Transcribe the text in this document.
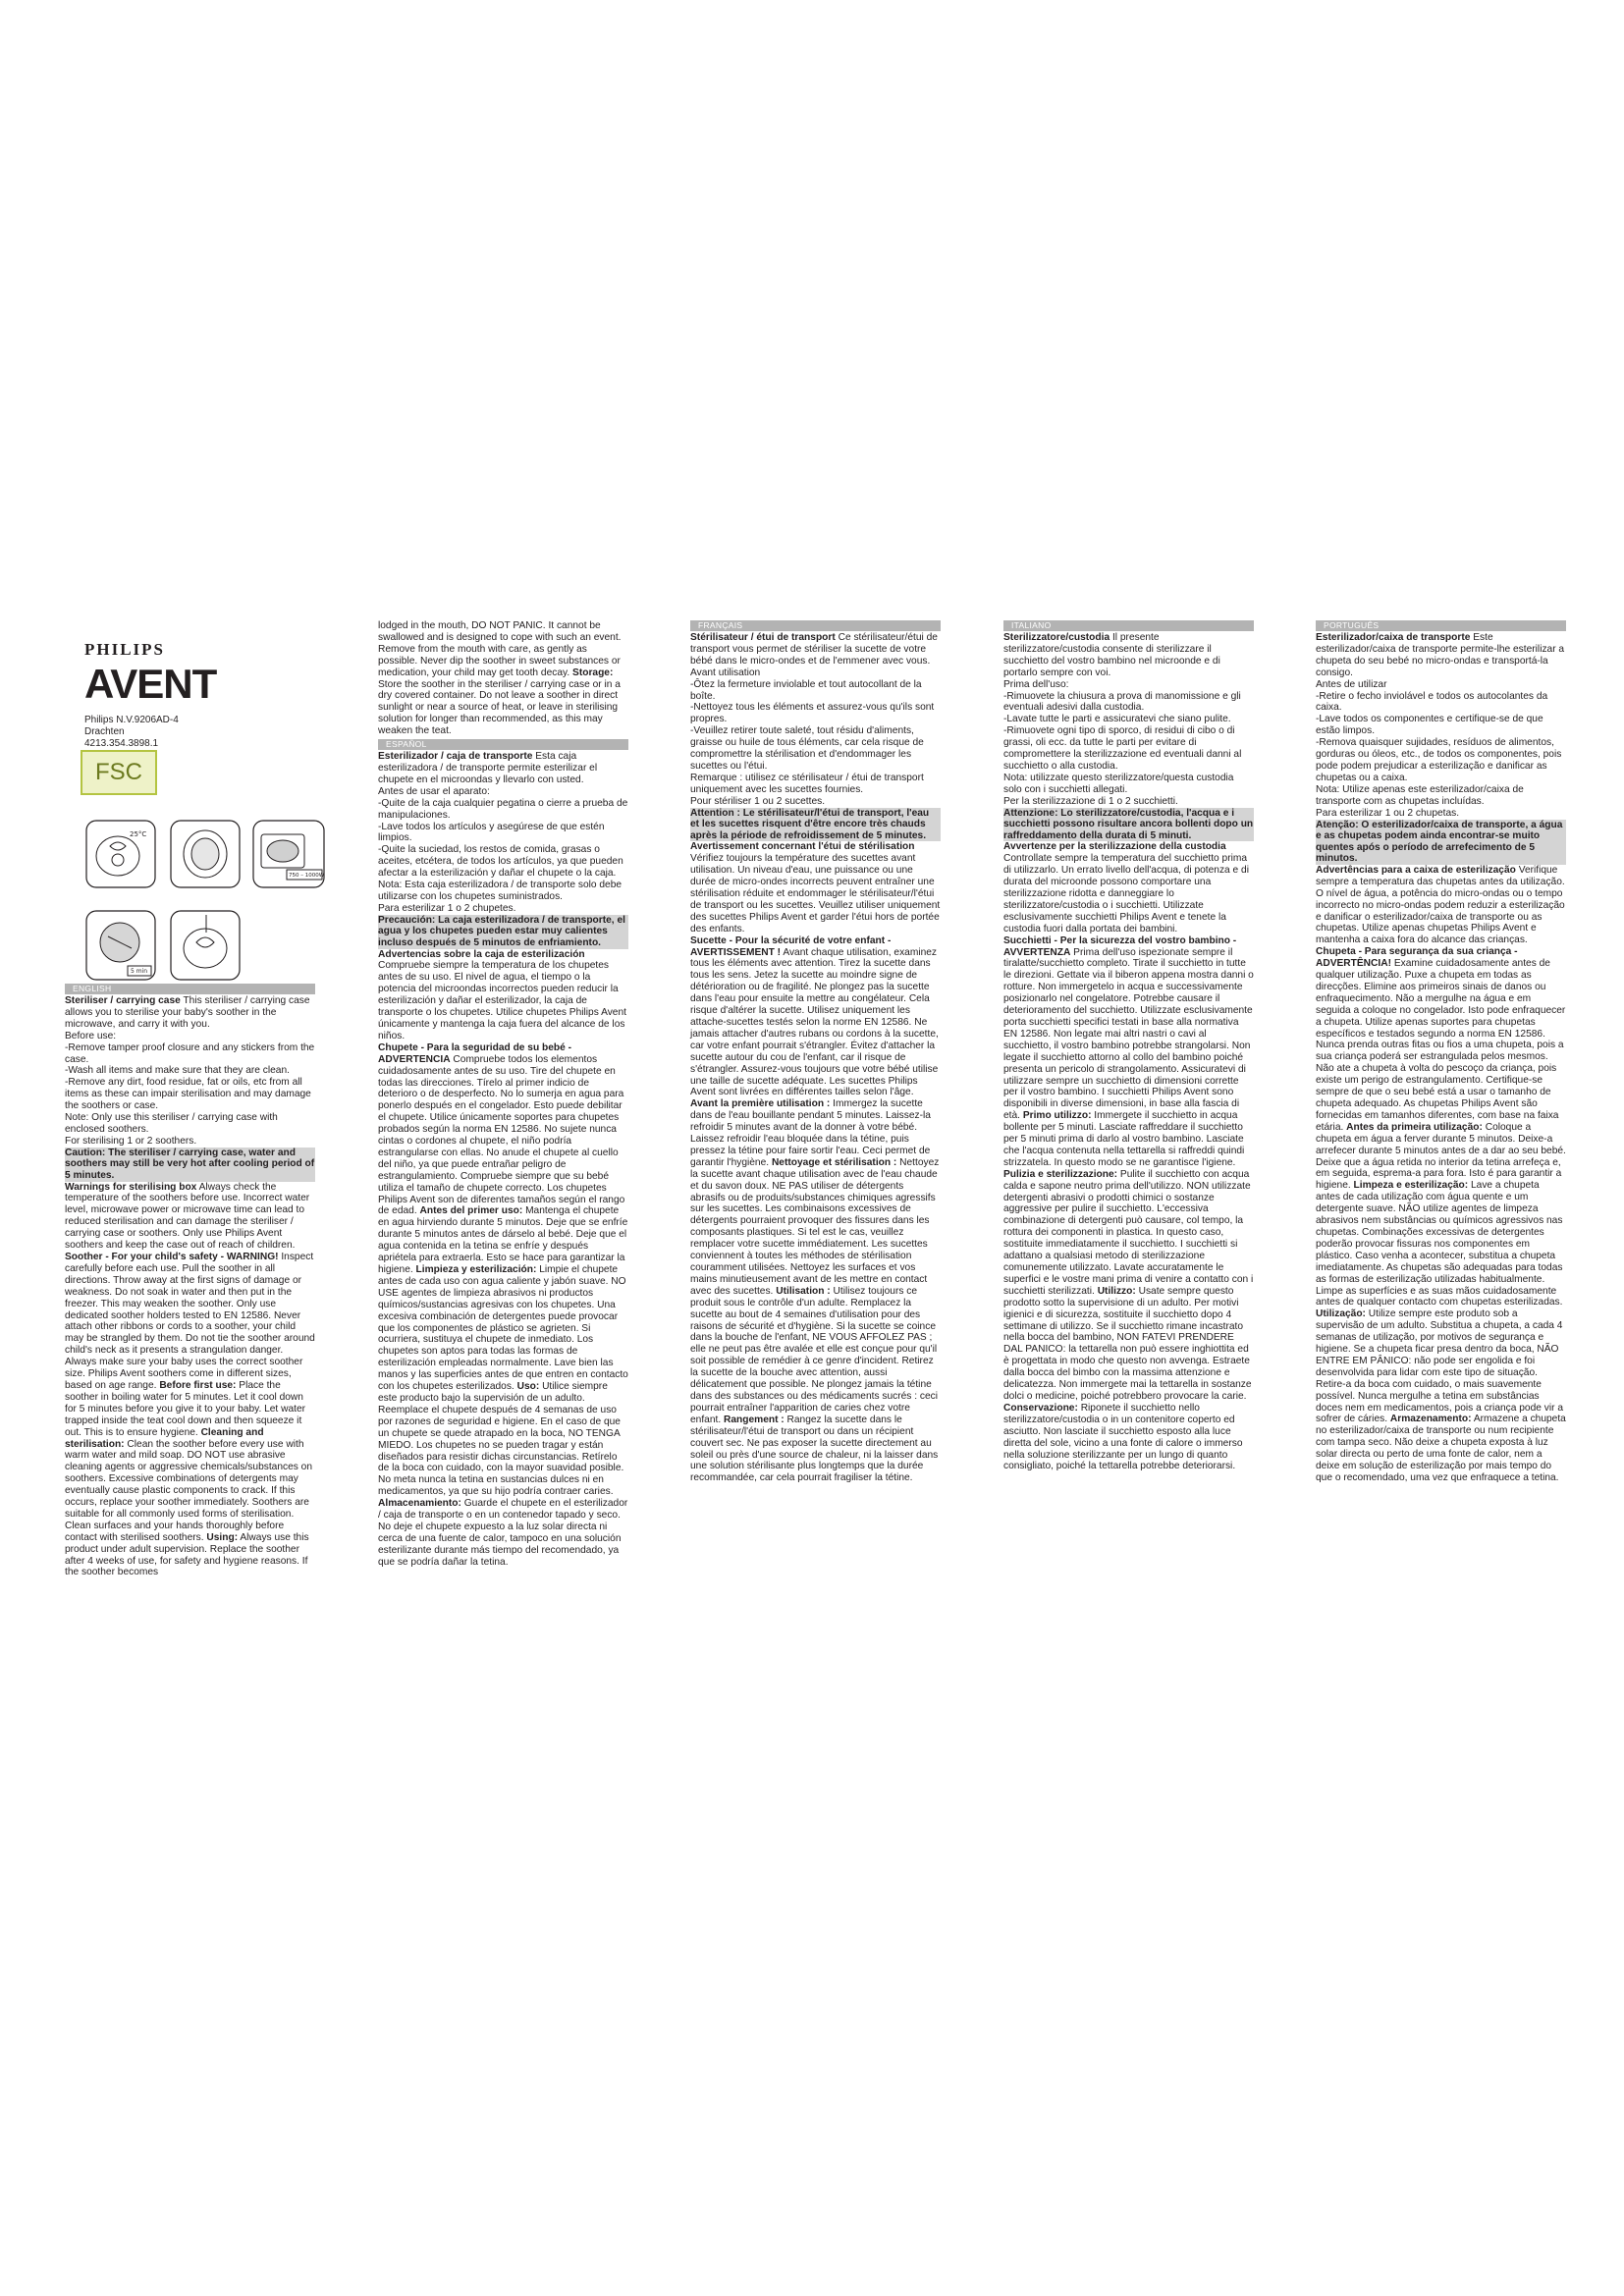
PHILIPS
AVENT
Philips N.V.9206AD-4 Drachten
4213.354.3898.1
FSC
25°C
750 – 1000W
5 min
ENGLISH

Steriliser / carrying case This steriliser / carrying case allows you to sterilise your baby's soother in the microwave, and carry it with you.

Before use:

-Remove tamper proof closure and any stickers from the case.

-Wash all items and make sure that they are clean.

-Remove any dirt, food residue, fat or oils, etc from all items as these can impair sterilisation and may damage the soothers or case.

Note: Only use this steriliser / carrying case with enclosed soothers.

For sterilising 1 or 2 soothers.

Caution: The steriliser / carrying case, water and soothers may still be very hot after cooling period of 5 minutes.

Warnings for sterilising box Always check the temperature of the soothers before use. Incorrect water level, microwave power or microwave time can lead to reduced sterilisation and can damage the steriliser / carrying case or soothers. Only use Philips Avent soothers and keep the case out of reach of children.

Soother - For your child's safety - WARNING! Inspect carefully before each use. Pull the soother in all directions. Throw away at the first signs of damage or weakness. Do not soak in water and then put in the freezer. This may weaken the soother. Only use dedicated soother holders tested to EN 12586. Never attach other ribbons or cords to a soother, your child may be strangled by them. Do not tie the soother around child's neck as it presents a strangulation danger. Always make sure your baby uses the correct soother size. Philips Avent soothers come in different sizes, based on age range. Before first use: Place the soother in boiling water for 5 minutes. Let it cool down for 5 minutes before you give it to your baby. Let water trapped inside the teat cool down and then squeeze it out. This is to ensure hygiene. Cleaning and sterilisation: Clean the soother before every use with warm water and mild soap. DO NOT use abrasive cleaning agents or aggressive chemicals/substances on soothers. Excessive combinations of detergents may eventually cause plastic components to crack. If this occurs, replace your soother immediately. Soothers are suitable for all commonly used forms of sterilisation. Clean surfaces and your hands thoroughly before contact with sterilised soothers. Using: Always use this product under adult supervision. Replace the soother after 4 weeks of use, for safety and hygiene reasons. If the soother becomes

lodged in the mouth, DO NOT PANIC. It cannot be swallowed and is designed to cope with such an event. Remove from the mouth with care, as gently as possible. Never dip the soother in sweet substances or medication, your child may get tooth decay. Storage: Store the soother in the steriliser / carrying case or in a dry covered container. Do not leave a soother in direct sunlight or near a source of heat, or leave in sterilising solution for longer than recommended, as this may weaken the teat.

ESPAÑOL

Esterilizador / caja de transporte Esta caja esterilizadora / de transporte permite esterilizar el chupete en el microondas y llevarlo con usted.

Antes de usar el aparato:

-Quite de la caja cualquier pegatina o cierre a prueba de manipulaciones.

-Lave todos los artículos y asegúrese de que estén limpios.

-Quite la suciedad, los restos de comida, grasas o aceites, etcétera, de todos los artículos, ya que pueden afectar a la esterilización y dañar el chupete o la caja.

Nota: Esta caja esterilizadora / de transporte solo debe utilizarse con los chupetes suministrados.

Para esterilizar 1 o 2 chupetes.

Precaución: La caja esterilizadora / de transporte, el agua y los chupetes pueden estar muy calientes incluso después de 5 minutos de enfriamiento.

Advertencias sobre la caja de esterilización Compruebe siempre la temperatura de los chupetes antes de su uso. El nivel de agua, el tiempo o la potencia del microondas incorrectos pueden reducir la esterilización y dañar el esterilizador, la caja de transporte o los chupetes. Utilice chupetes Philips Avent únicamente y mantenga la caja fuera del alcance de los niños.

Chupete - Para la seguridad de su bebé - ADVERTENCIA Compruebe todos los elementos cuidadosamente antes de su uso. Tire del chupete en todas las direcciones. Tírelo al primer indicio de deterioro o de desperfecto. No lo sumerja en agua para ponerlo después en el congelador. Esto puede debilitar el chupete. Utilice únicamente soportes para chupetes probados según la norma EN 12586. No sujete nunca cintas o cordones al chupete, el niño podría estrangularse con ellas. No anude el chupete al cuello del niño, ya que puede entrañar peligro de estrangulamiento. Compruebe siempre que su bebé utiliza el tamaño de chupete correcto. Los chupetes Philips Avent son de diferentes tamaños según el rango de edad. Antes del primer uso: Mantenga el chupete en agua hirviendo durante 5 minutos. Deje que se enfríe durante 5 minutos antes de dárselo al bebé. Deje que el agua contenida en la tetina se enfríe y después apriétela para extraerla. Esto se hace para garantizar la higiene. Limpieza y esterilización: Limpie el chupete antes de cada uso con agua caliente y jabón suave. NO USE agentes de limpieza abrasivos ni productos químicos/sustancias agresivas con los chupetes. Una excesiva combinación de detergentes puede provocar que los componentes de plástico se agrieten. Si ocurriera, sustituya el chupete de inmediato. Los chupetes son aptos para todas las formas de esterilización empleadas normalmente. Lave bien las manos y las superficies antes de que entren en contacto con los chupetes esterilizados. Uso: Utilice siempre este producto bajo la supervisión de un adulto. Reemplace el chupete después de 4 semanas de uso por razones de seguridad e higiene. En el caso de que un chupete se quede atrapado en la boca, NO TENGA MIEDO. Los chupetes no se pueden tragar y están diseñados para resistir dichas circunstancias. Retírelo de la boca con cuidado, con la mayor suavidad posible. No meta nunca la tetina en sustancias dulces ni en medicamentos, ya que su hijo podría contraer caries. Almacenamiento: Guarde el chupete en el esterilizador / caja de transporte o en un contenedor tapado y seco. No deje el chupete expuesto a la luz solar directa ni cerca de una fuente de calor, tampoco en una solución esterilizante durante más tiempo del recomendado, ya que se podría dañar la tetina.

FRANÇAIS

Stérilisateur / étui de transport Ce stérilisateur/étui de transport vous permet de stériliser la sucette de votre bébé dans le micro-ondes et de l'emmener avec vous.

Avant utilisation

-Ôtez la fermeture inviolable et tout autocollant de la boîte.

-Nettoyez tous les éléments et assurez-vous qu'ils sont propres.

-Veuillez retirer toute saleté, tout résidu d'aliments, graisse ou huile de tous éléments, car cela risque de compromettre la stérilisation et d'endommager les sucettes ou l'étui.

Remarque : utilisez ce stérilisateur / étui de transport uniquement avec les sucettes fournies.

Pour stériliser 1 ou 2 sucettes.

Attention : Le stérilisateur/l'étui de transport, l'eau et les sucettes risquent d'être encore très chauds après la période de refroidissement de 5 minutes.

Avertissement concernant l'étui de stérilisation Vérifiez toujours la température des sucettes avant utilisation. Un niveau d'eau, une puissance ou une durée de micro-ondes incorrects peuvent entraîner une stérilisation réduite et endommager le stérilisateur/l'étui de transport ou les sucettes. Veuillez utiliser uniquement des sucettes Philips Avent et garder l'étui hors de portée des enfants.

Sucette - Pour la sécurité de votre enfant - AVERTISSEMENT ! Avant chaque utilisation, examinez tous les éléments avec attention. Tirez la sucette dans tous les sens. Jetez la sucette au moindre signe de détérioration ou de fragilité. Ne plongez pas la sucette dans l'eau pour ensuite la mettre au congélateur. Cela risque d'altérer la sucette. Utilisez uniquement les attache-sucettes testés selon la norme EN 12586. Ne jamais attacher d'autres rubans ou cordons à la sucette, car votre enfant pourrait s'étrangler. Évitez d'attacher la sucette autour du cou de l'enfant, car il risque de s'étrangler. Assurez-vous toujours que votre bébé utilise une taille de sucette adéquate. Les sucettes Philips Avent sont livrées en différentes tailles selon l'âge. Avant la première utilisation : Immergez la sucette dans de l'eau bouillante pendant 5 minutes. Laissez-la refroidir 5 minutes avant de la donner à votre bébé. Laissez refroidir l'eau bloquée dans la tétine, puis pressez la tétine pour faire sortir l'eau. Ceci permet de garantir l'hygiène. Nettoyage et stérilisation : Nettoyez la sucette avant chaque utilisation avec de l'eau chaude et du savon doux. NE PAS utiliser de détergents abrasifs ou de produits/substances chimiques agressifs sur les sucettes. Les combinaisons excessives de détergents pourraient provoquer des fissures dans les composants plastiques. Si tel est le cas, veuillez remplacer votre sucette immédiatement. Les sucettes conviennent à toutes les méthodes de stérilisation couramment utilisées. Nettoyez les surfaces et vos mains minutieusement avant de les mettre en contact avec des sucettes. Utilisation : Utilisez toujours ce produit sous le contrôle d'un adulte. Remplacez la sucette au bout de 4 semaines d'utilisation pour des raisons de sécurité et d'hygiène. Si la sucette se coince dans la bouche de l'enfant, NE VOUS AFFOLEZ PAS ; elle ne peut pas être avalée et elle est conçue pour qu'il soit possible de remédier à ce genre d'incident. Retirez la sucette de la bouche avec attention, aussi délicatement que possible. Ne plongez jamais la tétine dans des substances ou des médicaments sucrés : ceci pourrait entraîner l'apparition de caries chez votre enfant. Rangement : Rangez la sucette dans le stérilisateur/l'étui de transport ou dans un récipient couvert sec. Ne pas exposer la sucette directement au soleil ou près d'une source de chaleur, ni la laisser dans une solution stérilisante plus longtemps que la durée recommandée, car cela pourrait fragiliser la tétine.

ITALIANO

Sterilizzatore/custodia Il presente sterilizzatore/custodia consente di sterilizzare il succhietto del vostro bambino nel microonde e di portarlo sempre con voi.

Prima dell'uso:

-Rimuovete la chiusura a prova di manomissione e gli eventuali adesivi dalla custodia.

-Lavate tutte le parti e assicuratevi che siano pulite.

-Rimuovete ogni tipo di sporco, di residui di cibo o di grassi, oli ecc. da tutte le parti per evitare di compromettere la sterilizzazione ed eventuali danni al succhietto o alla custodia.

Nota: utilizzate questo sterilizzatore/questa custodia solo con i succhietti allegati.

Per la sterilizzazione di 1 o 2 succhietti.

Attenzione: Lo sterilizzatore/custodia, l'acqua e i succhietti possono risultare ancora bollenti dopo un raffreddamento della durata di 5 minuti.

Avvertenze per la sterilizzazione della custodia Controllate sempre la temperatura del succhietto prima di utilizzarlo. Un errato livello dell'acqua, di potenza e di durata del microonde possono comportare una sterilizzazione ridotta e danneggiare lo sterilizzatore/custodia o i succhietti. Utilizzate esclusivamente succhietti Philips Avent e tenete la custodia fuori dalla portata dei bambini.

Succhietti - Per la sicurezza del vostro bambino - AVVERTENZA Prima dell'uso ispezionate sempre il tiralatte/succhietto completo. Tirate il succhietto in tutte le direzioni. Gettate via il biberon appena mostra danni o rotture. Non immergetelo in acqua e successivamente posizionarlo nel congelatore. Potrebbe causare il deterioramento del succhietto. Utilizzate esclusivamente porta succhietti specifici testati in base alla normativa EN 12586. Non legate mai altri nastri o cavi al succhietto, il vostro bambino potrebbe strangolarsi. Non legate il succhietto attorno al collo del bambino poiché presenta un pericolo di strangolamento. Assicuratevi di utilizzare sempre un succhietto di dimensioni corrette per il vostro bambino. I succhietti Philips Avent sono disponibili in diverse dimensioni, in base alla fascia di età. Primo utilizzo: Immergete il succhietto in acqua bollente per 5 minuti. Lasciate raffreddare il succhietto per 5 minuti prima di darlo al vostro bambino. Lasciate che l'acqua contenuta nella tettarella si raffreddi quindi strizzatela. In questo modo se ne garantisce l'igiene. Pulizia e sterilizzazione: Pulite il succhietto con acqua calda e sapone neutro prima dell'utilizzo. NON utilizzate detergenti abrasivi o prodotti chimici o sostanze aggressive per pulire il succhietto. L'eccessiva combinazione di detergenti può causare, col tempo, la rottura dei componenti in plastica. In questo caso, sostituite immediatamente il succhietto. I succhietti si adattano a qualsiasi metodo di sterilizzazione comunemente utilizzato. Lavate accuratamente le superfici e le vostre mani prima di venire a contatto con i succhietti sterilizzati. Utilizzo: Usate sempre questo prodotto sotto la supervisione di un adulto. Per motivi igienici e di sicurezza, sostituite il succhietto dopo 4 settimane di utilizzo. Se il succhietto rimane incastrato nella bocca del bambino, NON FATEVI PRENDERE DAL PANICO: la tettarella non può essere inghiottita ed è progettata in modo che questo non avvenga. Estraete dalla bocca del bimbo con la massima attenzione e delicatezza. Non immergete mai la tettarella in sostanze dolci o medicine, poiché potrebbero provocare la carie. Conservazione: Riponete il succhietto nello sterilizzatore/custodia o in un contenitore coperto ed asciutto. Non lasciate il succhietto esposto alla luce diretta del sole, vicino a una fonte di calore o immerso nella soluzione sterilizzante per un lungo di quanto consigliato, poiché la tettarella potrebbe deteriorarsi.

PORTUGUÊS

Esterilizador/caixa de transporte Este esterilizador/caixa de transporte permite-lhe esterilizar a chupeta do seu bebé no micro-ondas e transportá-la consigo.

Antes de utilizar

-Retire o fecho inviolável e todos os autocolantes da caixa.

-Lave todos os componentes e certifique-se de que estão limpos.

-Remova quaisquer sujidades, resíduos de alimentos, gorduras ou óleos, etc., de todos os componentes, pois pode podem prejudicar a esterilização e danificar as chupetas ou a caixa.

Nota: Utilize apenas este esterilizador/caixa de transporte com as chupetas incluídas.

Para esterilizar 1 ou 2 chupetas.

Atenção: O esterilizador/caixa de transporte, a água e as chupetas podem ainda encontrar-se muito quentes após o período de arrefecimento de 5 minutos.

Advertências para a caixa de esterilização Verifique sempre a temperatura das chupetas antes da utilização. O nível de água, a potência do micro-ondas ou o tempo incorrecto no micro-ondas podem reduzir a esterilização e danificar o esterilizador/caixa de transporte ou as chupetas. Utilize apenas chupetas Philips Avent e mantenha a caixa fora do alcance das crianças.

Chupeta - Para segurança da sua criança - ADVERTÊNCIA! Examine cuidadosamente antes de qualquer utilização. Puxe a chupeta em todas as direcções. Elimine aos primeiros sinais de danos ou enfraquecimento. Não a mergulhe na água e em seguida a coloque no congelador. Isto pode enfraquecer a chupeta. Utilize apenas suportes para chupetas específicos e testados segundo a norma EN 12586. Nunca prenda outras fitas ou fios a uma chupeta, pois a sua criança poderá ser estrangulada pelos mesmos. Não ate a chupeta à volta do pescoço da criança, pois existe um perigo de estrangulamento. Certifique-se sempre de que o seu bebé está a usar o tamanho de chupeta adequado. As chupetas Philips Avent são fornecidas em tamanhos diferentes, com base na faixa etária. Antes da primeira utilização: Coloque a chupeta em água a ferver durante 5 minutos. Deixe-a arrefecer durante 5 minutos antes de a dar ao seu bebé. Deixe que a água retida no interior da tetina arrefeça e, em seguida, esprema-a para fora. Isto é para garantir a higiene. Limpeza e esterilização: Lave a chupeta antes de cada utilização com água quente e um detergente suave. NÃO utilize agentes de limpeza abrasivos nem substâncias ou químicos agressivos nas chupetas. Combinações excessivas de detergentes poderão provocar fissuras nos componentes em plástico. Caso venha a acontecer, substitua a chupeta imediatamente. As chupetas são adequadas para todas as formas de esterilização utilizadas habitualmente. Limpe as superfícies e as suas mãos cuidadosamente antes de qualquer contacto com chupetas esterilizadas. Utilização: Utilize sempre este produto sob a supervisão de um adulto. Substitua a chupeta, a cada 4 semanas de utilização, por motivos de segurança e higiene. Se a chupeta ficar presa dentro da boca, NÃO ENTRE EM PÂNICO: não pode ser engolida e foi desenvolvida para lidar com este tipo de situação. Retire-a da boca com cuidado, o mais suavemente possível. Nunca mergulhe a tetina em substâncias doces nem em medicamentos, pois a criança pode vir a sofrer de cáries. Armazenamento: Armazene a chupeta no esterilizador/caixa de transporte ou num recipiente com tampa seco. Não deixe a chupeta exposta à luz solar directa ou perto de uma fonte de calor, nem a deixe em solução de esterilização por mais tempo do que o recomendado, uma vez que enfraquece a tetina.
